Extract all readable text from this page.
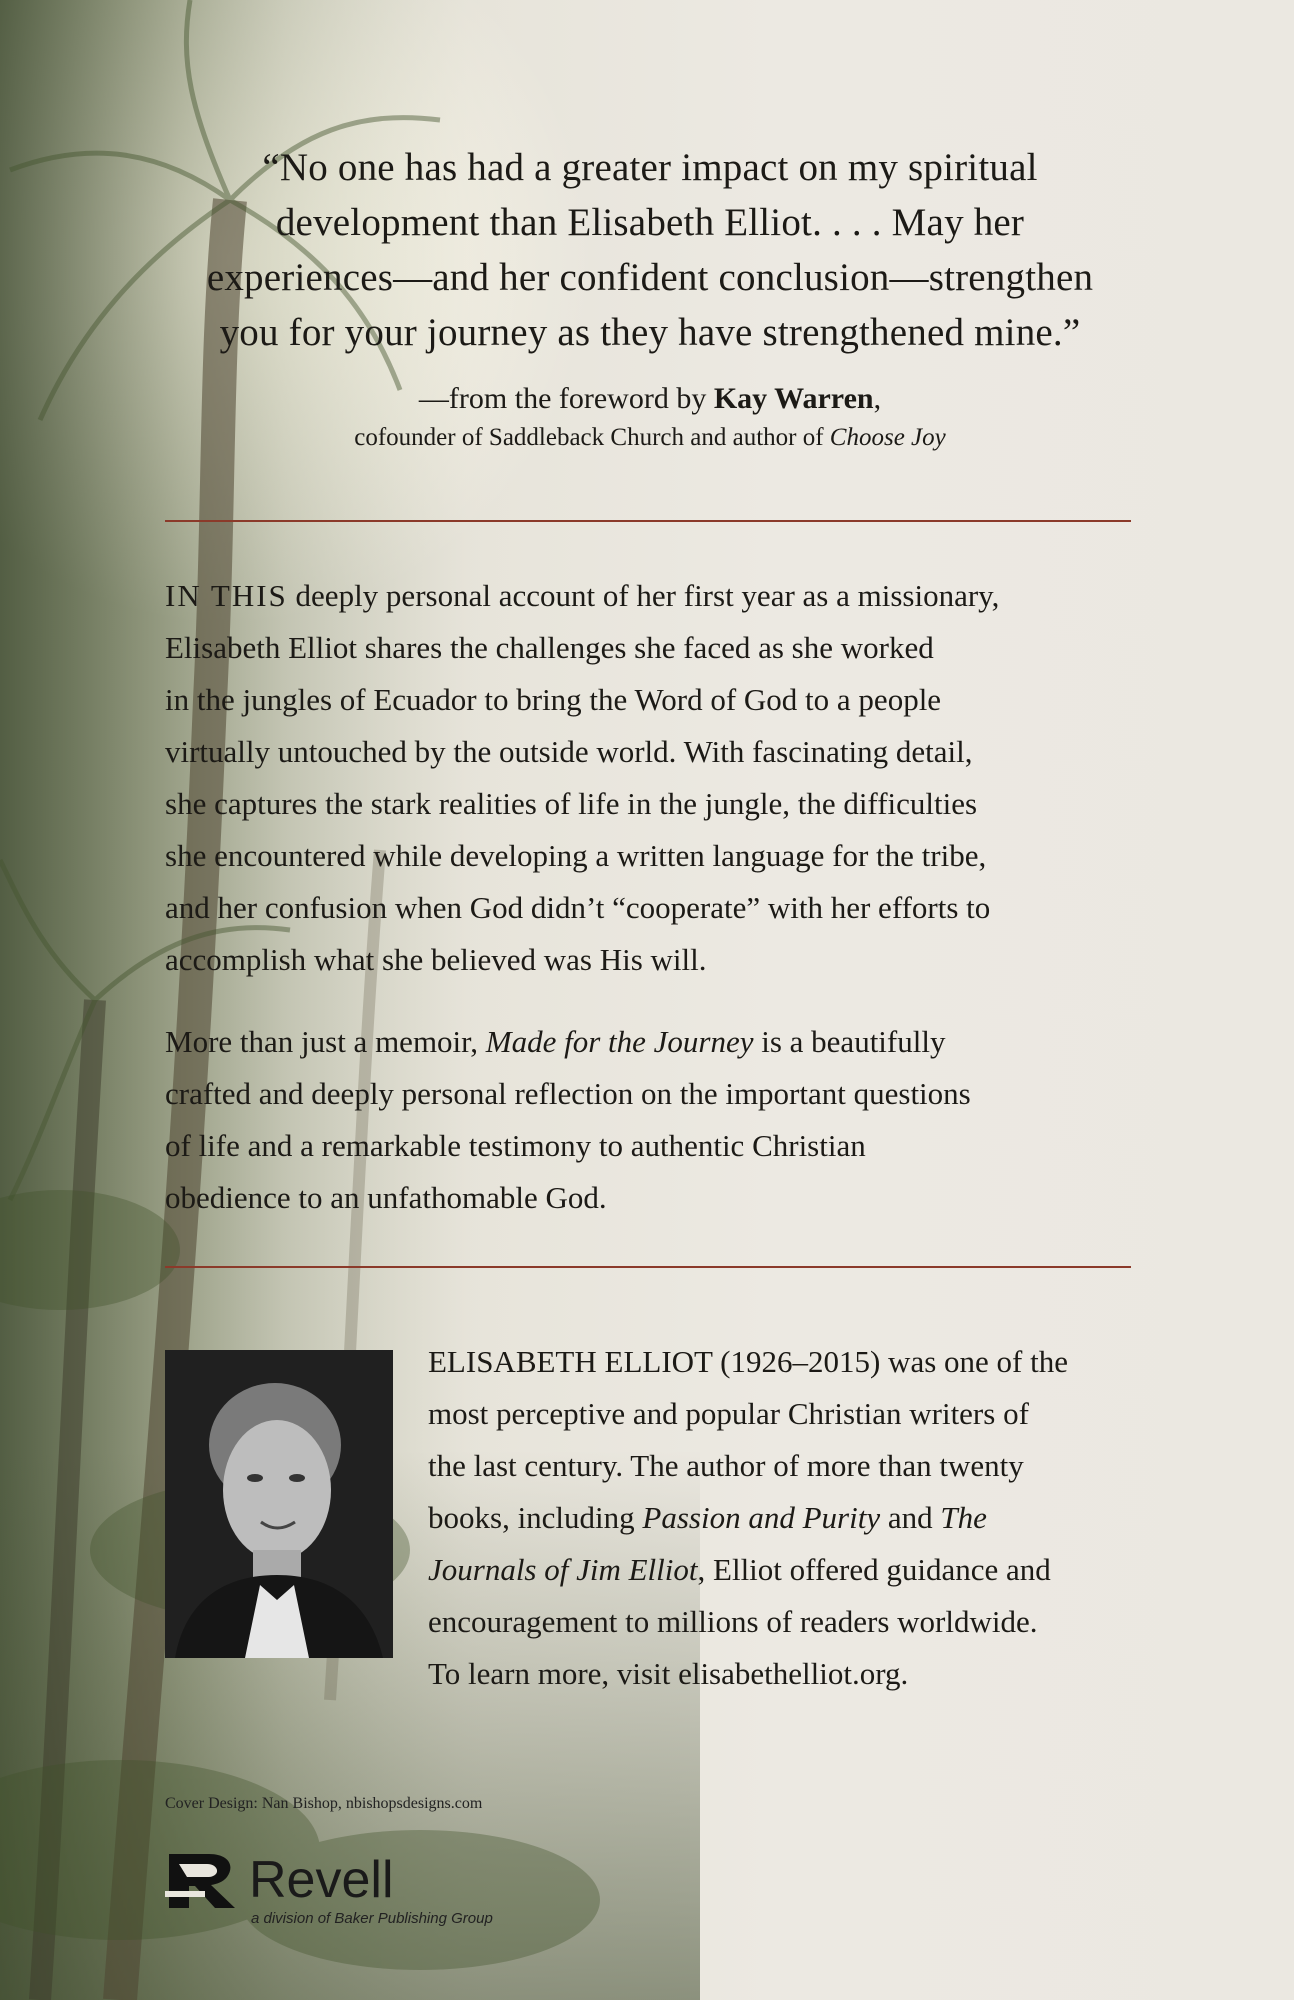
“No one has had a greater impact on my spiritual
development than Elisabeth Elliot. . . . May her
experiences—and her confident conclusion—strengthen
you for your journey as they have strengthened mine.”

—from the foreword by Kay Warren,
cofounder of Saddleback Church and author of Choose Joy

IN THIS deeply personal account of her first year as a missionary,
Elisabeth Elliot shares the challenges she faced as she worked
in the jungles of Ecuador to bring the Word of God to a people
virtually untouched by the outside world. With fascinating detail,
she captures the stark realities of life in the jungle, the difficulties
she encountered while developing a written language for the tribe,
and her confusion when God didn’t “cooperate” with her efforts to
accomplish what she believed was His will.

More than just a memoir, Made for the Journey is a beautifully
crafted and deeply personal reflection on the important questions
of life and a remarkable testimony to authentic Christian
obedience to an unfathomable God.

ELISABETH ELLIOT (1926–2015) was one of the
most perceptive and popular Christian writers of
the last century. The author of more than twenty
books, including Passion and Purity and The
Journals of Jim Elliot, Elliot offered guidance and
encouragement to millions of readers worldwide.
To learn more, visit elisabethelliot.org.

Cover Design: Nan Bishop, nbishopsdesigns.com
Revell
a division of Baker Publishing Group
